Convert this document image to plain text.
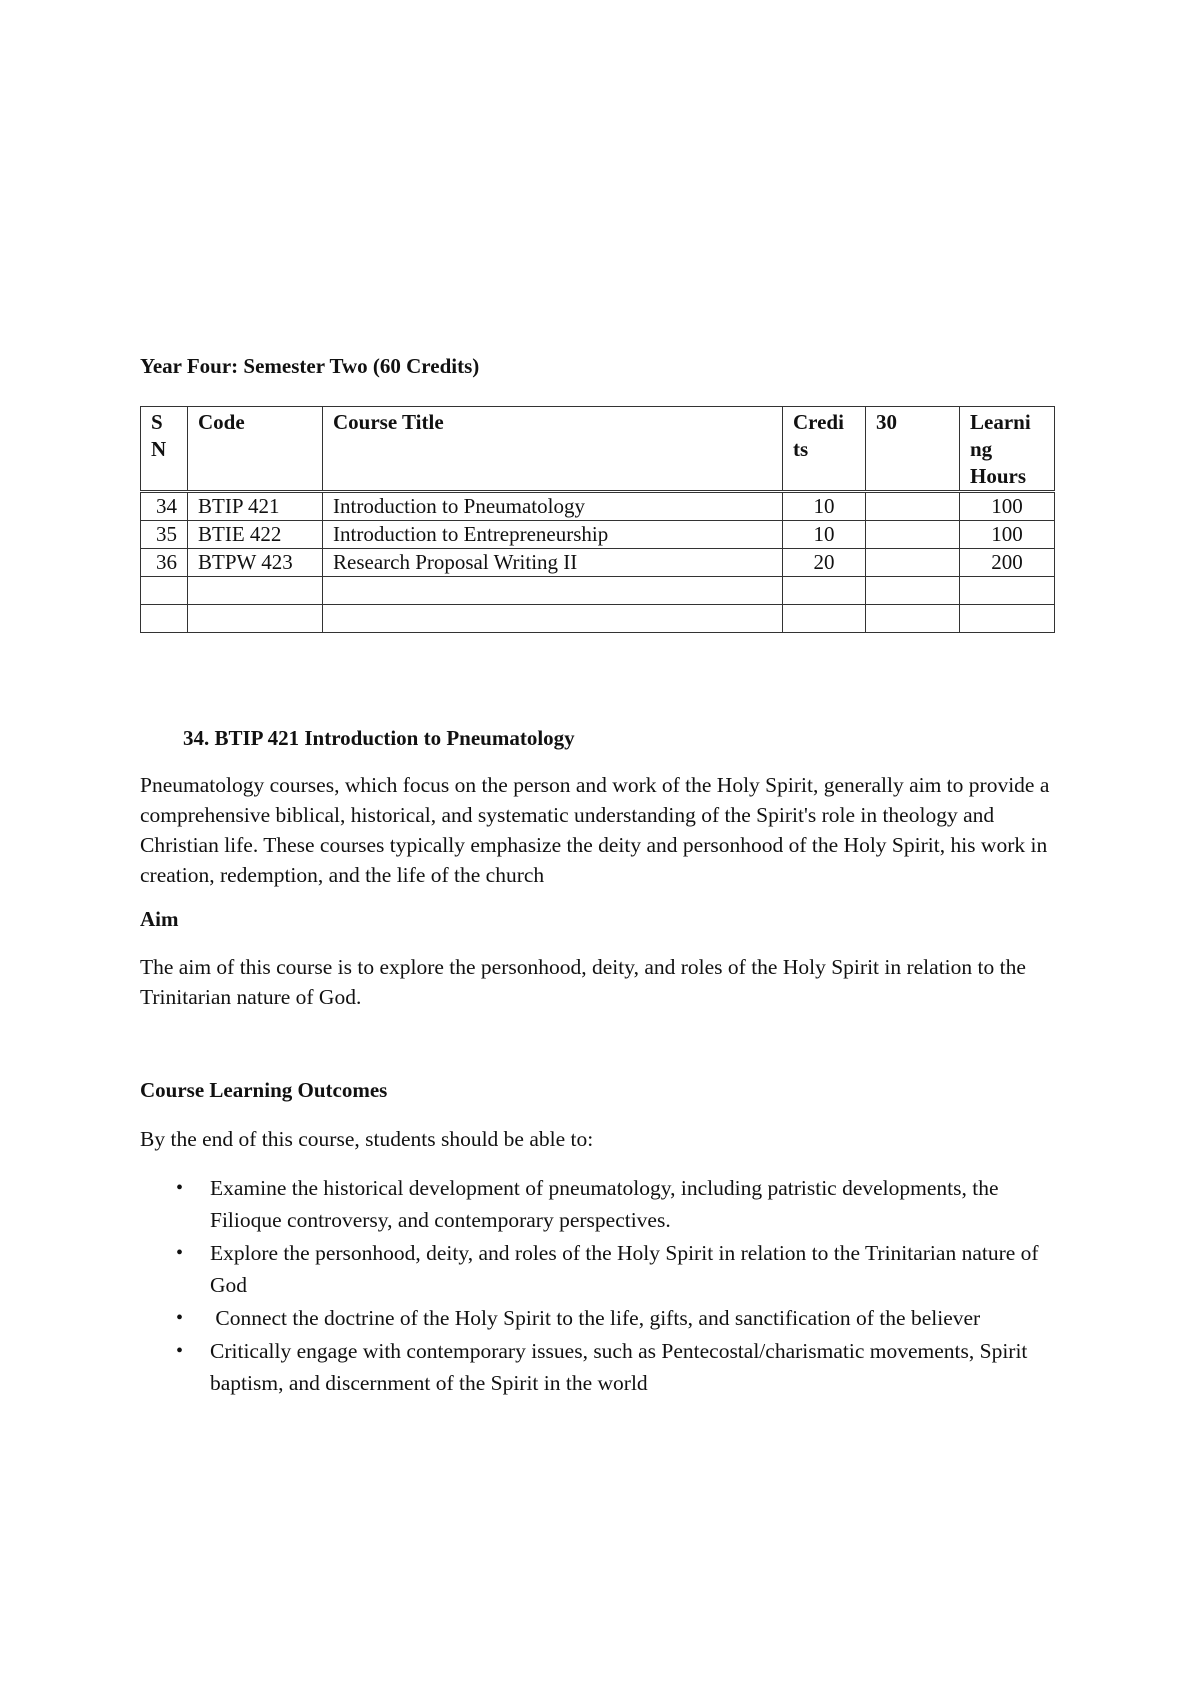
Year Four: Semester Two (60 Credits)

S N	Code	Course Title	Credi ts	30	Learni ng Hours

34	BTIP 421	Introduction to Pneumatology	10		100
35	BTIE 422	Introduction to Entrepreneurship	10		100
36	BTPW 423	Research Proposal Writing II	20		200

34. BTIP 421 Introduction to Pneumatology

Pneumatology courses, which focus on the person and work of the Holy Spirit, generally aim to provide a comprehensive biblical, historical, and systematic understanding of the Spirit's role in theology and Christian life. These courses typically emphasize the deity and personhood of the Holy Spirit, his work in creation, redemption, and the life of the church

Aim

The aim of this course is to explore the personhood, deity, and roles of the Holy Spirit in relation to the Trinitarian nature of God.

Course Learning Outcomes

By the end of this course, students should be able to:

• Examine the historical development of pneumatology, including patristic developments, the Filioque controversy, and contemporary perspectives.
• Explore the personhood, deity, and roles of the Holy Spirit in relation to the Trinitarian nature of God
• Connect the doctrine of the Holy Spirit to the life, gifts, and sanctification of the believer
• Critically engage with contemporary issues, such as Pentecostal/charismatic movements, Spirit baptism, and discernment of the Spirit in the world
